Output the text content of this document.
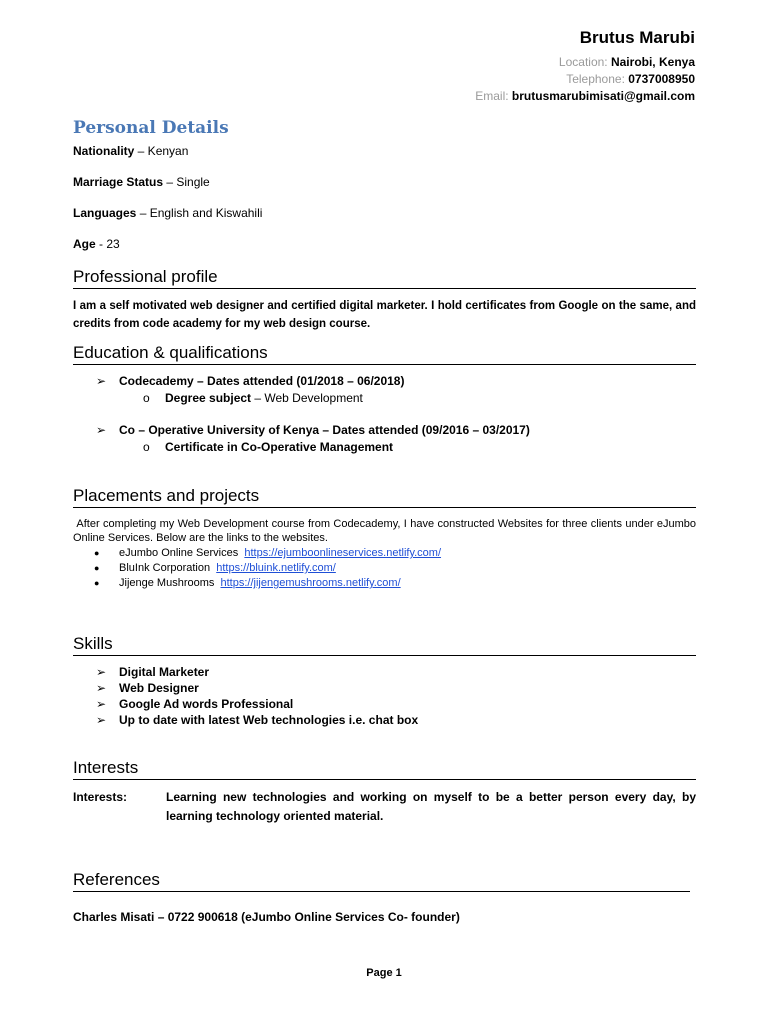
Brutus Marubi
Location: Nairobi, Kenya
Telephone: 0737008950
Email: brutusmarubimisati@gmail.com
Personal Details
Nationality – Kenyan
Marriage Status – Single
Languages – English and Kiswahili
Age - 23
Professional profile
I am a self motivated web designer and certified digital marketer. I hold certificates from Google on the same, and credits from code academy for my web design course.
Education & qualifications
➢ Codecademy – Dates attended (01/2018 – 06/2018)
o Degree subject – Web Development
➢ Co – Operative University of Kenya – Dates attended (09/2016 – 03/2017)
o Certificate in Co-Operative Management
Placements and projects
After completing my Web Development course from Codecademy, I have constructed Websites for three clients under eJumbo Online Services. Below are the links to the websites.
● eJumbo Online Services https://ejumboonlineservices.netlify.com/
● BluInk Corporation https://bluink.netlify.com/
● Jijenge Mushrooms https://jijengemushrooms.netlify.com/
Skills
➢ Digital Marketer
➢ Web Designer
➢ Google Ad words Professional
➢ Up to date with latest Web technologies i.e. chat box
Interests
Interests:	Learning new technologies and working on myself to be a better person every day, by learning technology oriented material.
References
Charles Misati – 0722 900618 (eJumbo Online Services Co- founder)
Page 1
